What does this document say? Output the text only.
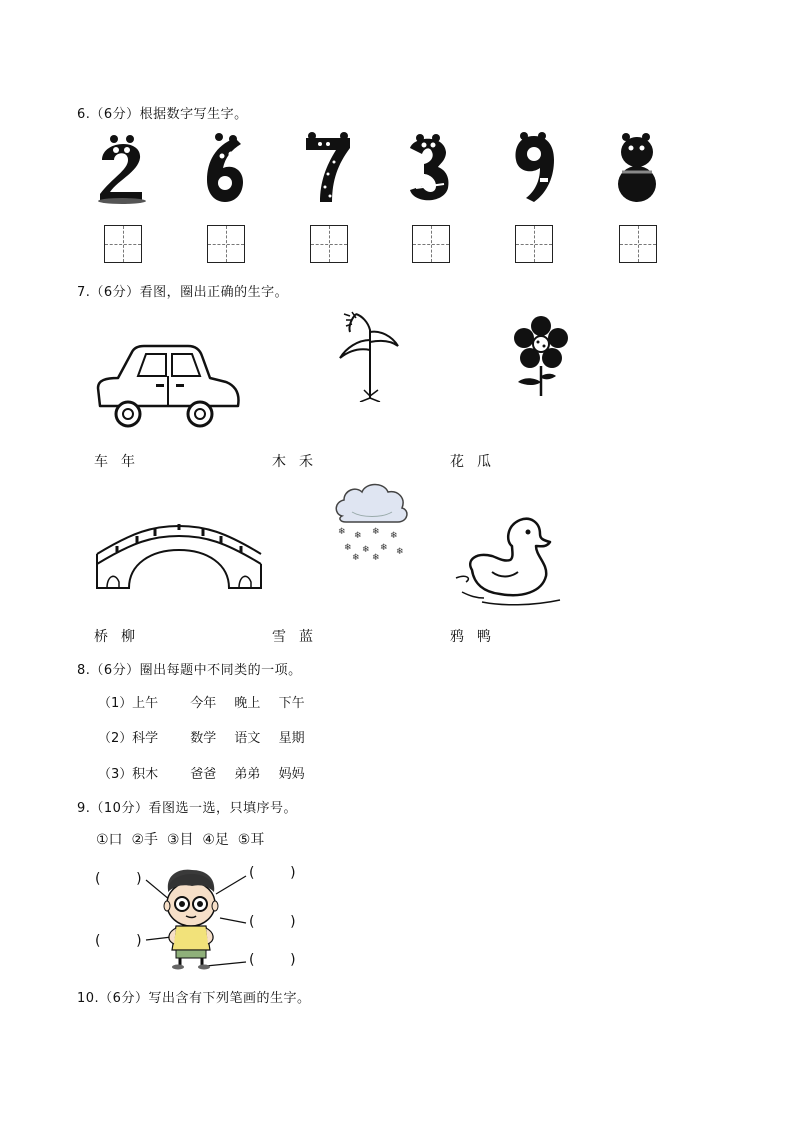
6.（6分）根据数字写生字。
7.（6分）看图，圈出正确的生字。
车 年	木 禾	花 瓜
❄ ❄ ❄ ❄
❄ ❄ ❄ ❄
❄ ❄
桥 柳	雪 蓝	鸦 鸭
8.（6分）圈出每题中不同类的一项。
（1） 上午 今年 晚上 下午
（2） 科学 数学 语文 星期
（3） 积木 爸爸 弟弟 妈妈
9.（10分）看图选一选，只填序号。
①口  ②手  ③目  ④足  ⑤耳
(        )
(        )
(        )
(        )
(        )
10.（6分）写出含有下列笔画的生字。
